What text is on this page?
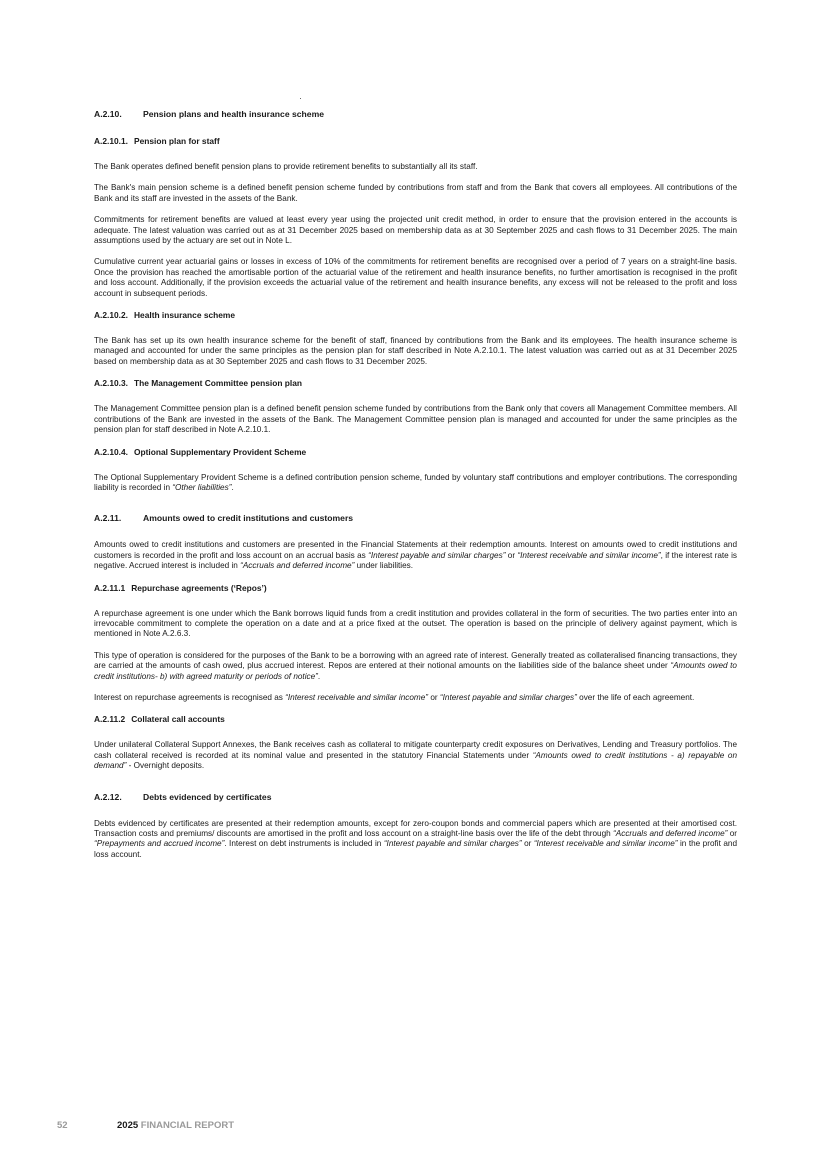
A.2.10. Pension plans and health insurance scheme
A.2.10.1. Pension plan for staff

The Bank operates defined benefit pension plans to provide retirement benefits to substantially all its staff.

The Bank's main pension scheme is a defined benefit pension scheme funded by contributions from staff and from the Bank that covers all employees. All contributions of the Bank and its staff are invested in the assets of the Bank.

Commitments for retirement benefits are valued at least every year using the projected unit credit method, in order to ensure that the provision entered in the accounts is adequate. The latest valuation was carried out as at 31 December 2025 based on membership data as at 30 September 2025 and cash flows to 31 December 2025. The main assumptions used by the actuary are set out in Note L.

Cumulative current year actuarial gains or losses in excess of 10% of the commitments for retirement benefits are recognised over a period of 7 years on a straight-line basis. Once the provision has reached the amortisable portion of the actuarial value of the retirement and health insurance benefits, no further amortisation is recognised in the profit and loss account. Additionally, if the provision exceeds the actuarial value of the retirement and health insurance benefits, any excess will not be released to the profit and loss account in subsequent periods.

A.2.10.2. Health insurance scheme

The Bank has set up its own health insurance scheme for the benefit of staff, financed by contributions from the Bank and its employees. The health insurance scheme is managed and accounted for under the same principles as the pension plan for staff described in Note A.2.10.1. The latest valuation was carried out as at 31 December 2025 based on membership data as at 30 September 2025 and cash flows to 31 December 2025.

A.2.10.3. The Management Committee pension plan

The Management Committee pension plan is a defined benefit pension scheme funded by contributions from the Bank only that covers all Management Committee members. All contributions of the Bank are invested in the assets of the Bank. The Management Committee pension plan is managed and accounted for under the same principles as the pension plan for staff described in Note A.2.10.1.

A.2.10.4. Optional Supplementary Provident Scheme

The Optional Supplementary Provident Scheme is a defined contribution pension scheme, funded by voluntary staff contributions and employer contributions. The corresponding liability is recorded in “Other liabilities”.

A.2.11.	Amounts owed to credit institutions and customers

Amounts owed to credit institutions and customers are presented in the Financial Statements at their redemption amounts. Interest on amounts owed to credit institutions and customers is recorded in the profit and loss account on an accrual basis as “Interest payable and similar charges” or “Interest receivable and similar income”, if the interest rate is negative. Accrued interest is included in “Accruals and deferred income” under liabilities.

A.2.11.1 Repurchase agreements (‘Repos’)

A repurchase agreement is one under which the Bank borrows liquid funds from a credit institution and provides collateral in the form of securities. The two parties enter into an irrevocable commitment to complete the operation on a date and at a price fixed at the outset. The operation is based on the principle of delivery against payment, which is mentioned in Note A.2.6.3.

This type of operation is considered for the purposes of the Bank to be a borrowing with an agreed rate of interest. Generally treated as collateralised financing transactions, they are carried at the amounts of cash owed, plus accrued interest. Repos are entered at their notional amounts on the liabilities side of the balance sheet under “Amounts owed to credit institutions- b) with agreed maturity or periods of notice”.

Interest on repurchase agreements is recognised as “Interest receivable and similar income” or “Interest payable and similar charges” over the life of each agreement.

A.2.11.2 Collateral call accounts

Under unilateral Collateral Support Annexes, the Bank receives cash as collateral to mitigate counterparty credit exposures on Derivatives, Lending and Treasury portfolios. The cash collateral received is recorded at its nominal value and presented in the statutory Financial Statements under “Amounts owed to credit institutions - a) repayable on demand” - Overnight deposits.

A.2.12. Debts evidenced by certificates

Debts evidenced by certificates are presented at their redemption amounts, except for zero-coupon bonds and commercial papers which are presented at their amortised cost. Transaction costs and premiums/ discounts are amortised in the profit and loss account on a straight-line basis over the life of the debt through “Accruals and deferred income” or “Prepayments and accrued income”. Interest on debt instruments is included in “Interest payable and similar charges” or “Interest receivable and similar income” in the profit and loss account.

52	2025 FINANCIAL REPORT
